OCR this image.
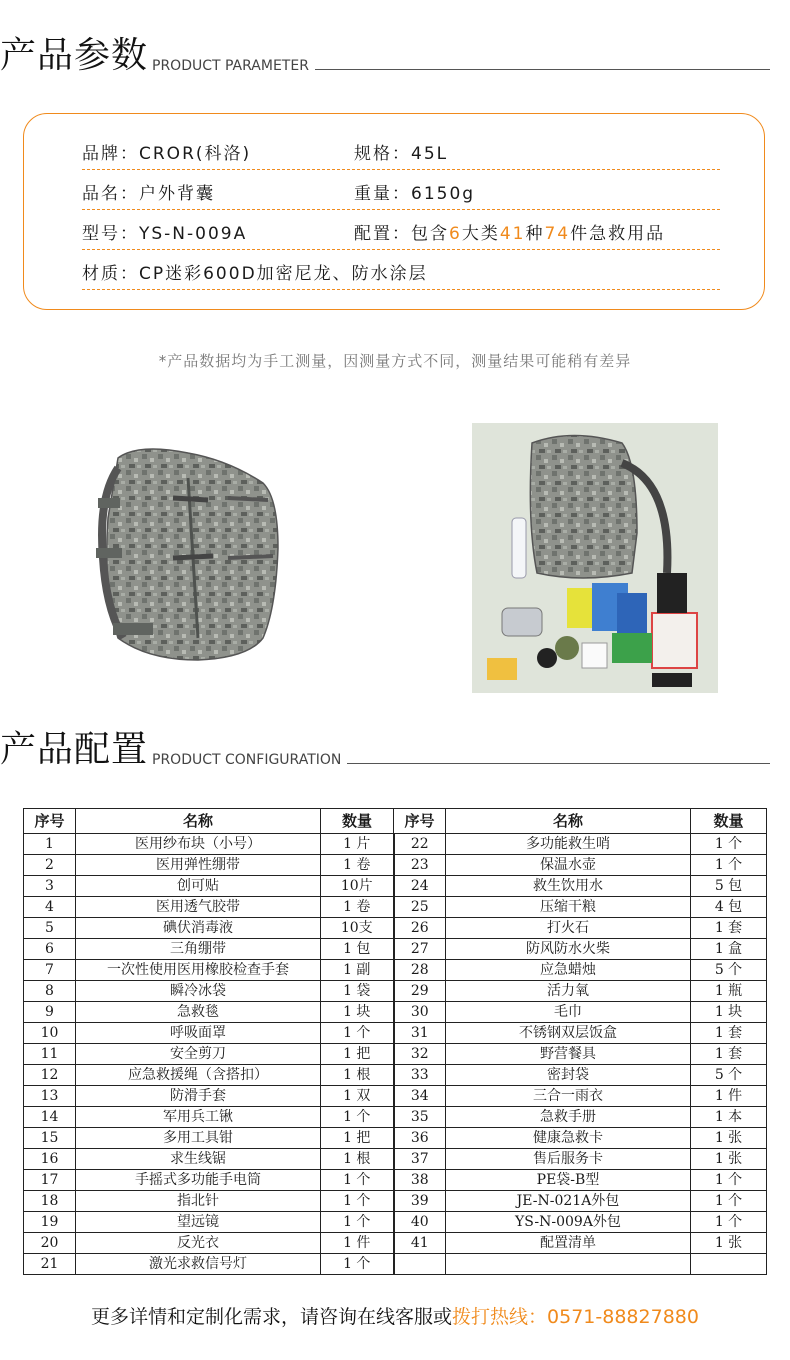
产品参数 PRODUCT PARAMETER
品牌：CROR(科洛)	规格：45L
品名：户外背囊	重量：6150g
型号：YS-N-009A	配置：包含6大类41种74件急救用品
材质：CP迷彩600D加密尼龙、防水涂层
*产品数据均为手工测量，因测量方式不同，测量结果可能稍有差异
产品配置 PRODUCT CONFIGURATION
序号	名称	数量	序号	名称	数量
1	医用纱布块（小号）	1 片	22	多功能救生哨	1 个
2	医用弹性绷带	1 卷	23	保温水壶	1 个
3	创可贴	10片	24	救生饮用水	5 包
4	医用透气胶带	1 卷	25	压缩干粮	4 包
5	碘伏消毒液	10支	26	打火石	1 套
6	三角绷带	1 包	27	防风防水火柴	1 盒
7	一次性使用医用橡胶检查手套	1 副	28	应急蜡烛	5 个
8	瞬冷冰袋	1 袋	29	活力氧	1 瓶
9	急救毯	1 块	30	毛巾	1 块
10	呼吸面罩	1 个	31	不锈钢双层饭盒	1 套
11	安全剪刀	1 把	32	野营餐具	1 套
12	应急救援绳（含搭扣）	1 根	33	密封袋	5 个
13	防滑手套	1 双	34	三合一雨衣	1 件
14	军用兵工锹	1 个	35	急救手册	1 本
15	多用工具钳	1 把	36	健康急救卡	1 张
16	求生线锯	1 根	37	售后服务卡	1 张
17	手摇式多功能手电筒	1 个	38	PE袋-B型	1 个
18	指北针	1 个	39	JE-N-021A外包	1 个
19	望远镜	1 个	40	YS-N-009A外包	1 个
20	反光衣	1 件	41	配置清单	1 张
21	激光求救信号灯	1 个			
更多详情和定制化需求，请咨询在线客服或拨打热线：0571-88827880
